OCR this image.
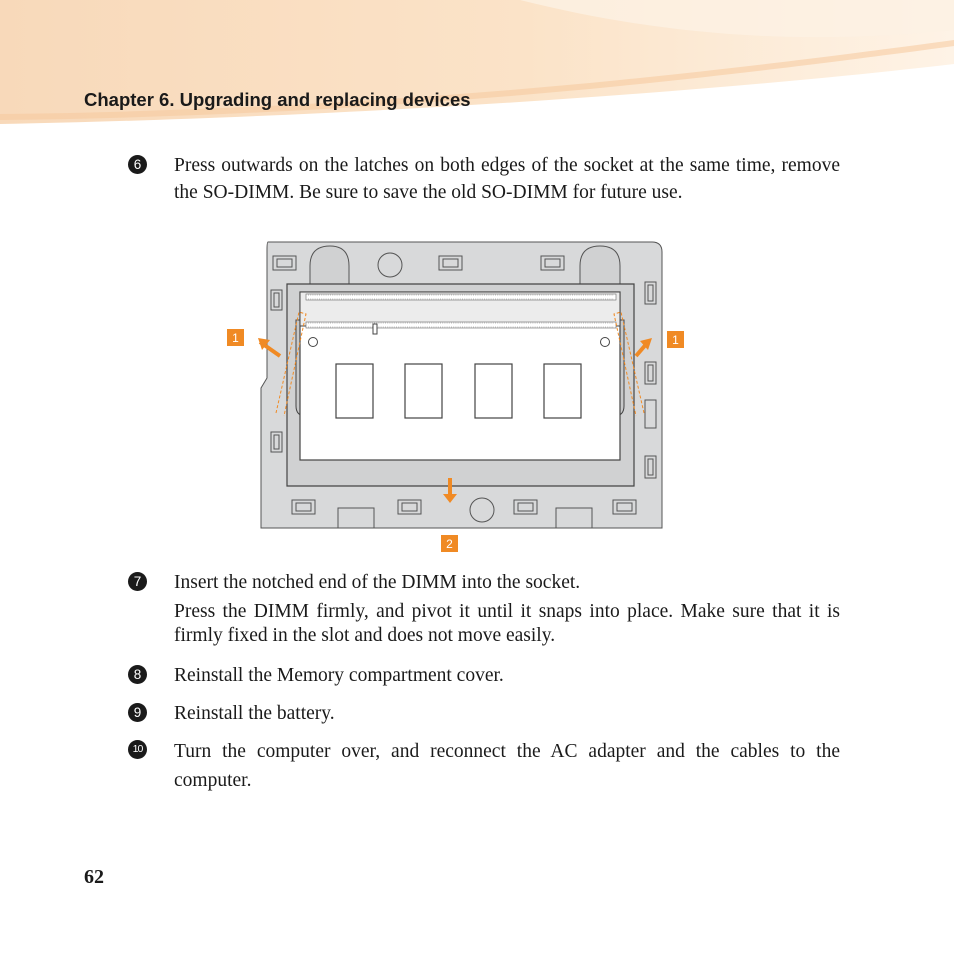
Chapter 6. Upgrading and replacing devices
6 Press outwards on the latches on both edges of the socket at the same time, remove the SO-DIMM. Be sure to save the old SO-DIMM for future use.
1	1
2
7 Insert the notched end of the DIMM into the socket.
Press the DIMM firmly, and pivot it until it snaps into place. Make sure that it is firmly fixed in the slot and does not move easily.
8 Reinstall the Memory compartment cover.
9 Reinstall the battery.
10 Turn the computer over, and reconnect the AC adapter and the cables to the computer.
62
